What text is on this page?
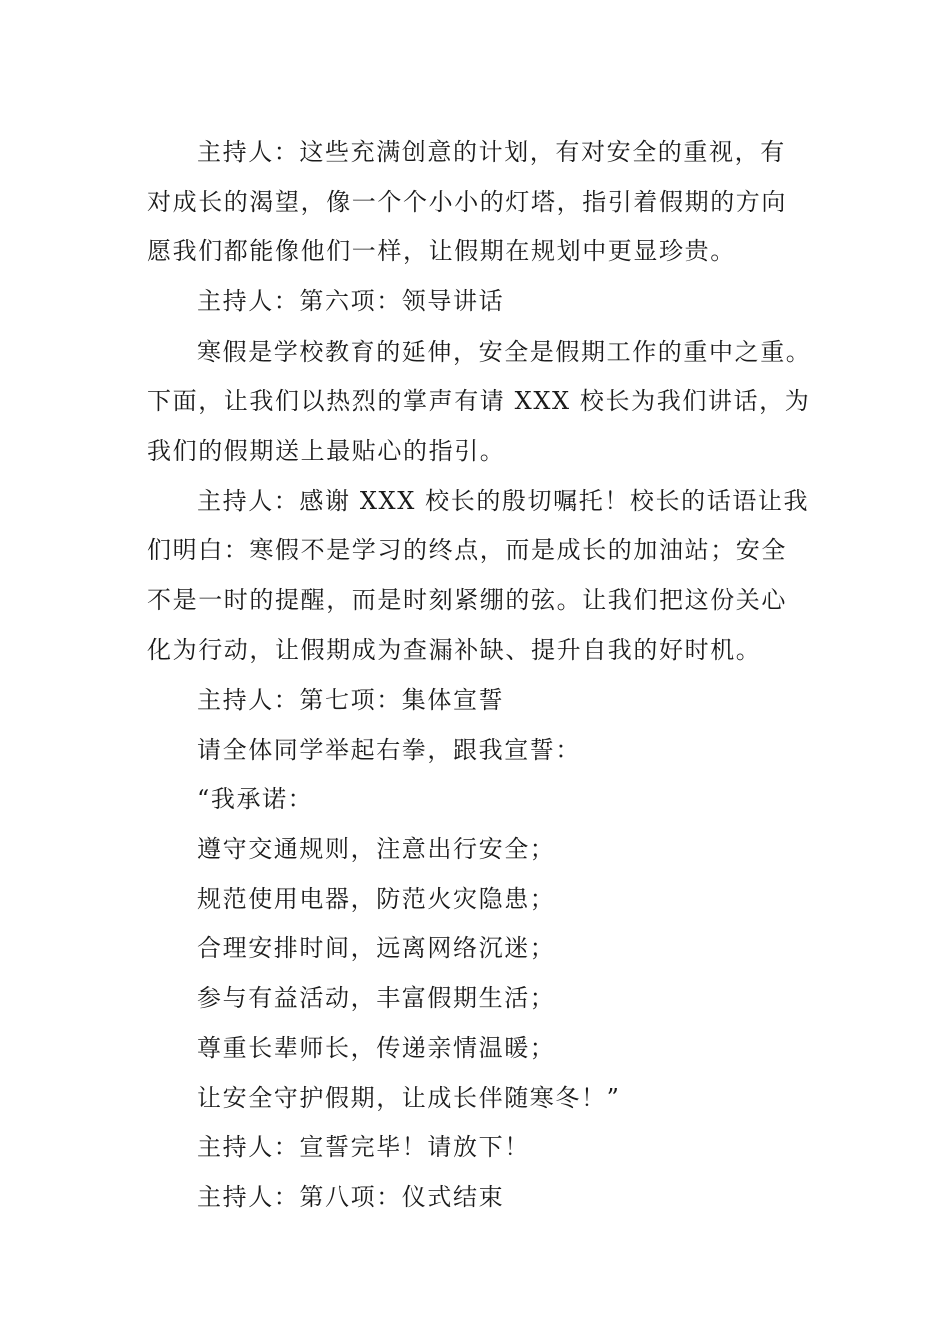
主持人：这些充满创意的计划，有对安全的重视，有
对成长的渴望，像一个个小小的灯塔，指引着假期的方向
愿我们都能像他们一样，让假期在规划中更显珍贵。
主持人：第六项：领导讲话
寒假是学校教育的延伸，安全是假期工作的重中之重。
下面，让我们以热烈的掌声有请 XXX 校长为我们讲话，为
我们的假期送上最贴心的指引。
主持人：感谢 XXX 校长的殷切嘱托！校长的话语让我
们明白：寒假不是学习的终点，而是成长的加油站；安全
不是一时的提醒，而是时刻紧绷的弦。让我们把这份关心
化为行动，让假期成为查漏补缺、提升自我的好时机。
主持人：第七项：集体宣誓
请全体同学举起右拳，跟我宣誓：
“我承诺：
遵守交通规则，注意出行安全；
规范使用电器，防范火灾隐患；
合理安排时间，远离网络沉迷；
参与有益活动，丰富假期生活；
尊重长辈师长，传递亲情温暖；
让安全守护假期，让成长伴随寒冬！”
主持人：宣誓完毕！请放下！
主持人：第八项：仪式结束
